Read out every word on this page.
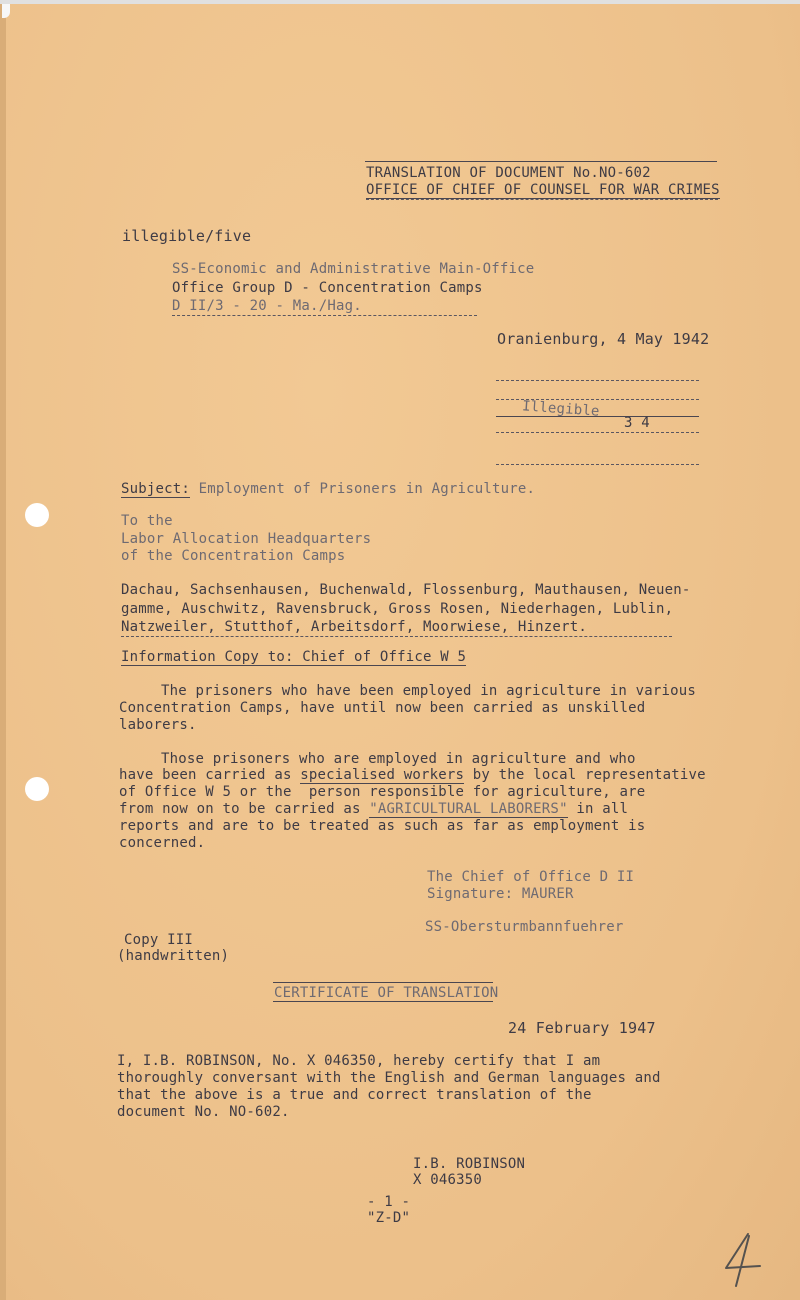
TRANSLATION OF DOCUMENT No.NO-602
OFFICE OF CHIEF OF COUNSEL FOR WAR CRIMES
illegible/five
SS-Economic and Administrative Main-Office
Office Group D - Concentration Camps
D II/3 - 20 - Ma./Hag.
Oranienburg, 4 May 1942
Illegible
3 4
Subject: Employment of Prisoners in Agriculture.
To the
Labor Allocation Headquarters
of the Concentration Camps
Dachau, Sachsenhausen, Buchenwald, Flossenburg, Mauthausen, Neuen-
gamme, Auschwitz, Ravensbruck, Gross Rosen, Niederhagen, Lublin,
Natzweiler, Stutthof, Arbeitsdorf, Moorwiese, Hinzert.
Information Copy to: Chief of Office W 5
The prisoners who have been employed in agriculture in various
Concentration Camps, have until now been carried as unskilled
laborers.
Those prisoners who are employed in agriculture and who
have been carried as specialised workers by the local representative
of Office W 5 or the  person responsible for agriculture, are
from now on to be carried as "AGRICULTURAL LABORERS" in all
reports and are to be treated as such as far as employment is
concerned.
The Chief of Office D II
Signature: MAURER
SS-Obersturmbannfuehrer
Copy III
(handwritten)
CERTIFICATE OF TRANSLATION
24 February 1947
I, I.B. ROBINSON, No. X 046350, hereby certify that I am
thoroughly conversant with the English and German languages and
that the above is a true and correct translation of the
document No. NO-602.
I.B. ROBINSON
X 046350
- 1 -
"Z-D"
